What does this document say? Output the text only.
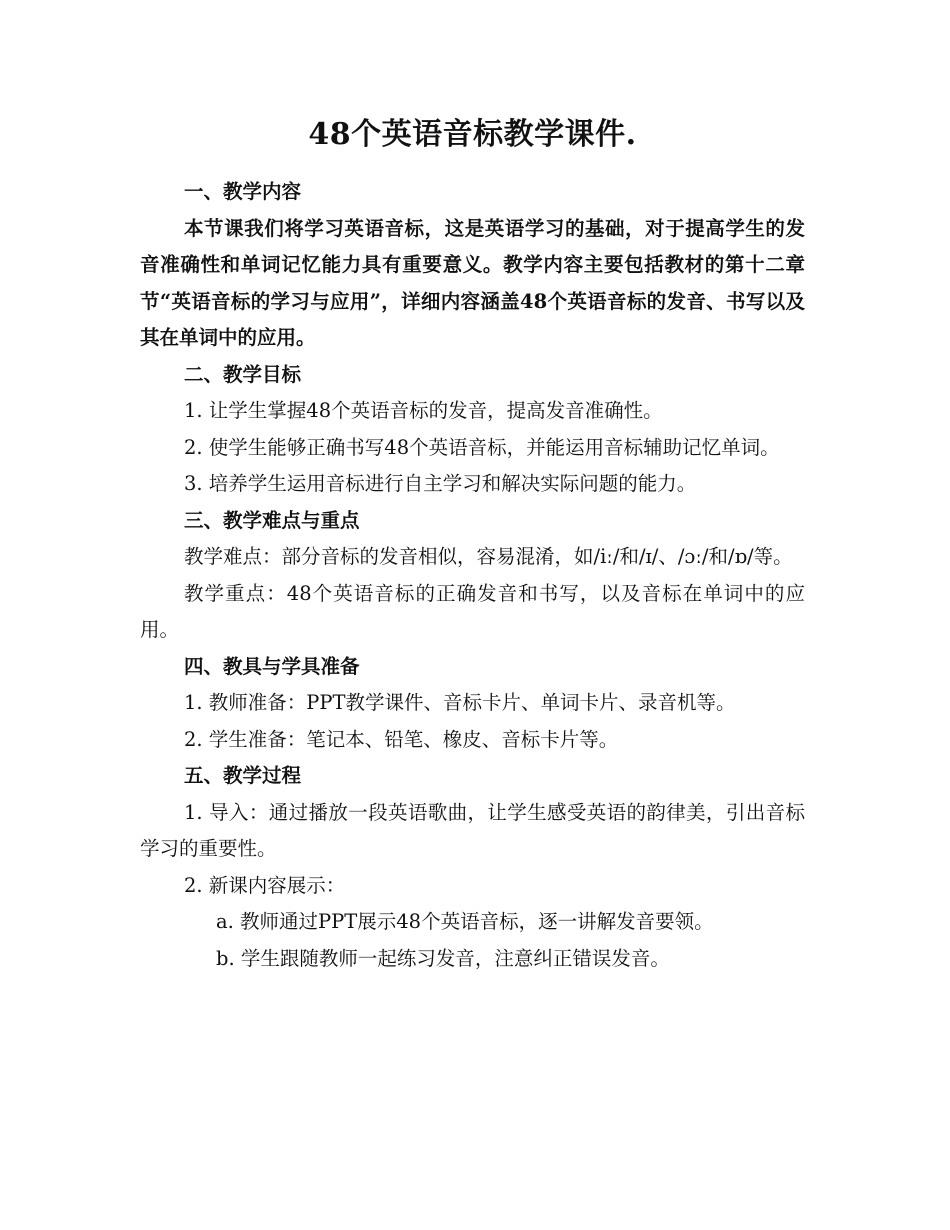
48个英语音标教学课件.

一、教学内容

本节课我们将学习英语音标，这是英语学习的基础，对于提高学生的发音准确性和单词记忆能力具有重要意义。教学内容主要包括教材的第十二章节“英语音标的学习与应用”，详细内容涵盖48个英语音标的发音、书写以及其在单词中的应用。

二、教学目标

1. 让学生掌握48个英语音标的发音，提高发音准确性。

2. 使学生能够正确书写48个英语音标，并能运用音标辅助记忆单词。

3. 培养学生运用音标进行自主学习和解决实际问题的能力。

三、教学难点与重点

教学难点：部分音标的发音相似，容易混淆，如/iː/和/ɪ/、/ɔː/和/ɒ/等。

教学重点：48个英语音标的正确发音和书写，以及音标在单词中的应用。

四、教具与学具准备

1. 教师准备：PPT教学课件、音标卡片、单词卡片、录音机等。

2. 学生准备：笔记本、铅笔、橡皮、音标卡片等。

五、教学过程

1. 导入：通过播放一段英语歌曲，让学生感受英语的韵律美，引出音标学习的重要性。

2. 新课内容展示：

a. 教师通过PPT展示48个英语音标，逐一讲解发音要领。

b. 学生跟随教师一起练习发音，注意纠正错误发音。
